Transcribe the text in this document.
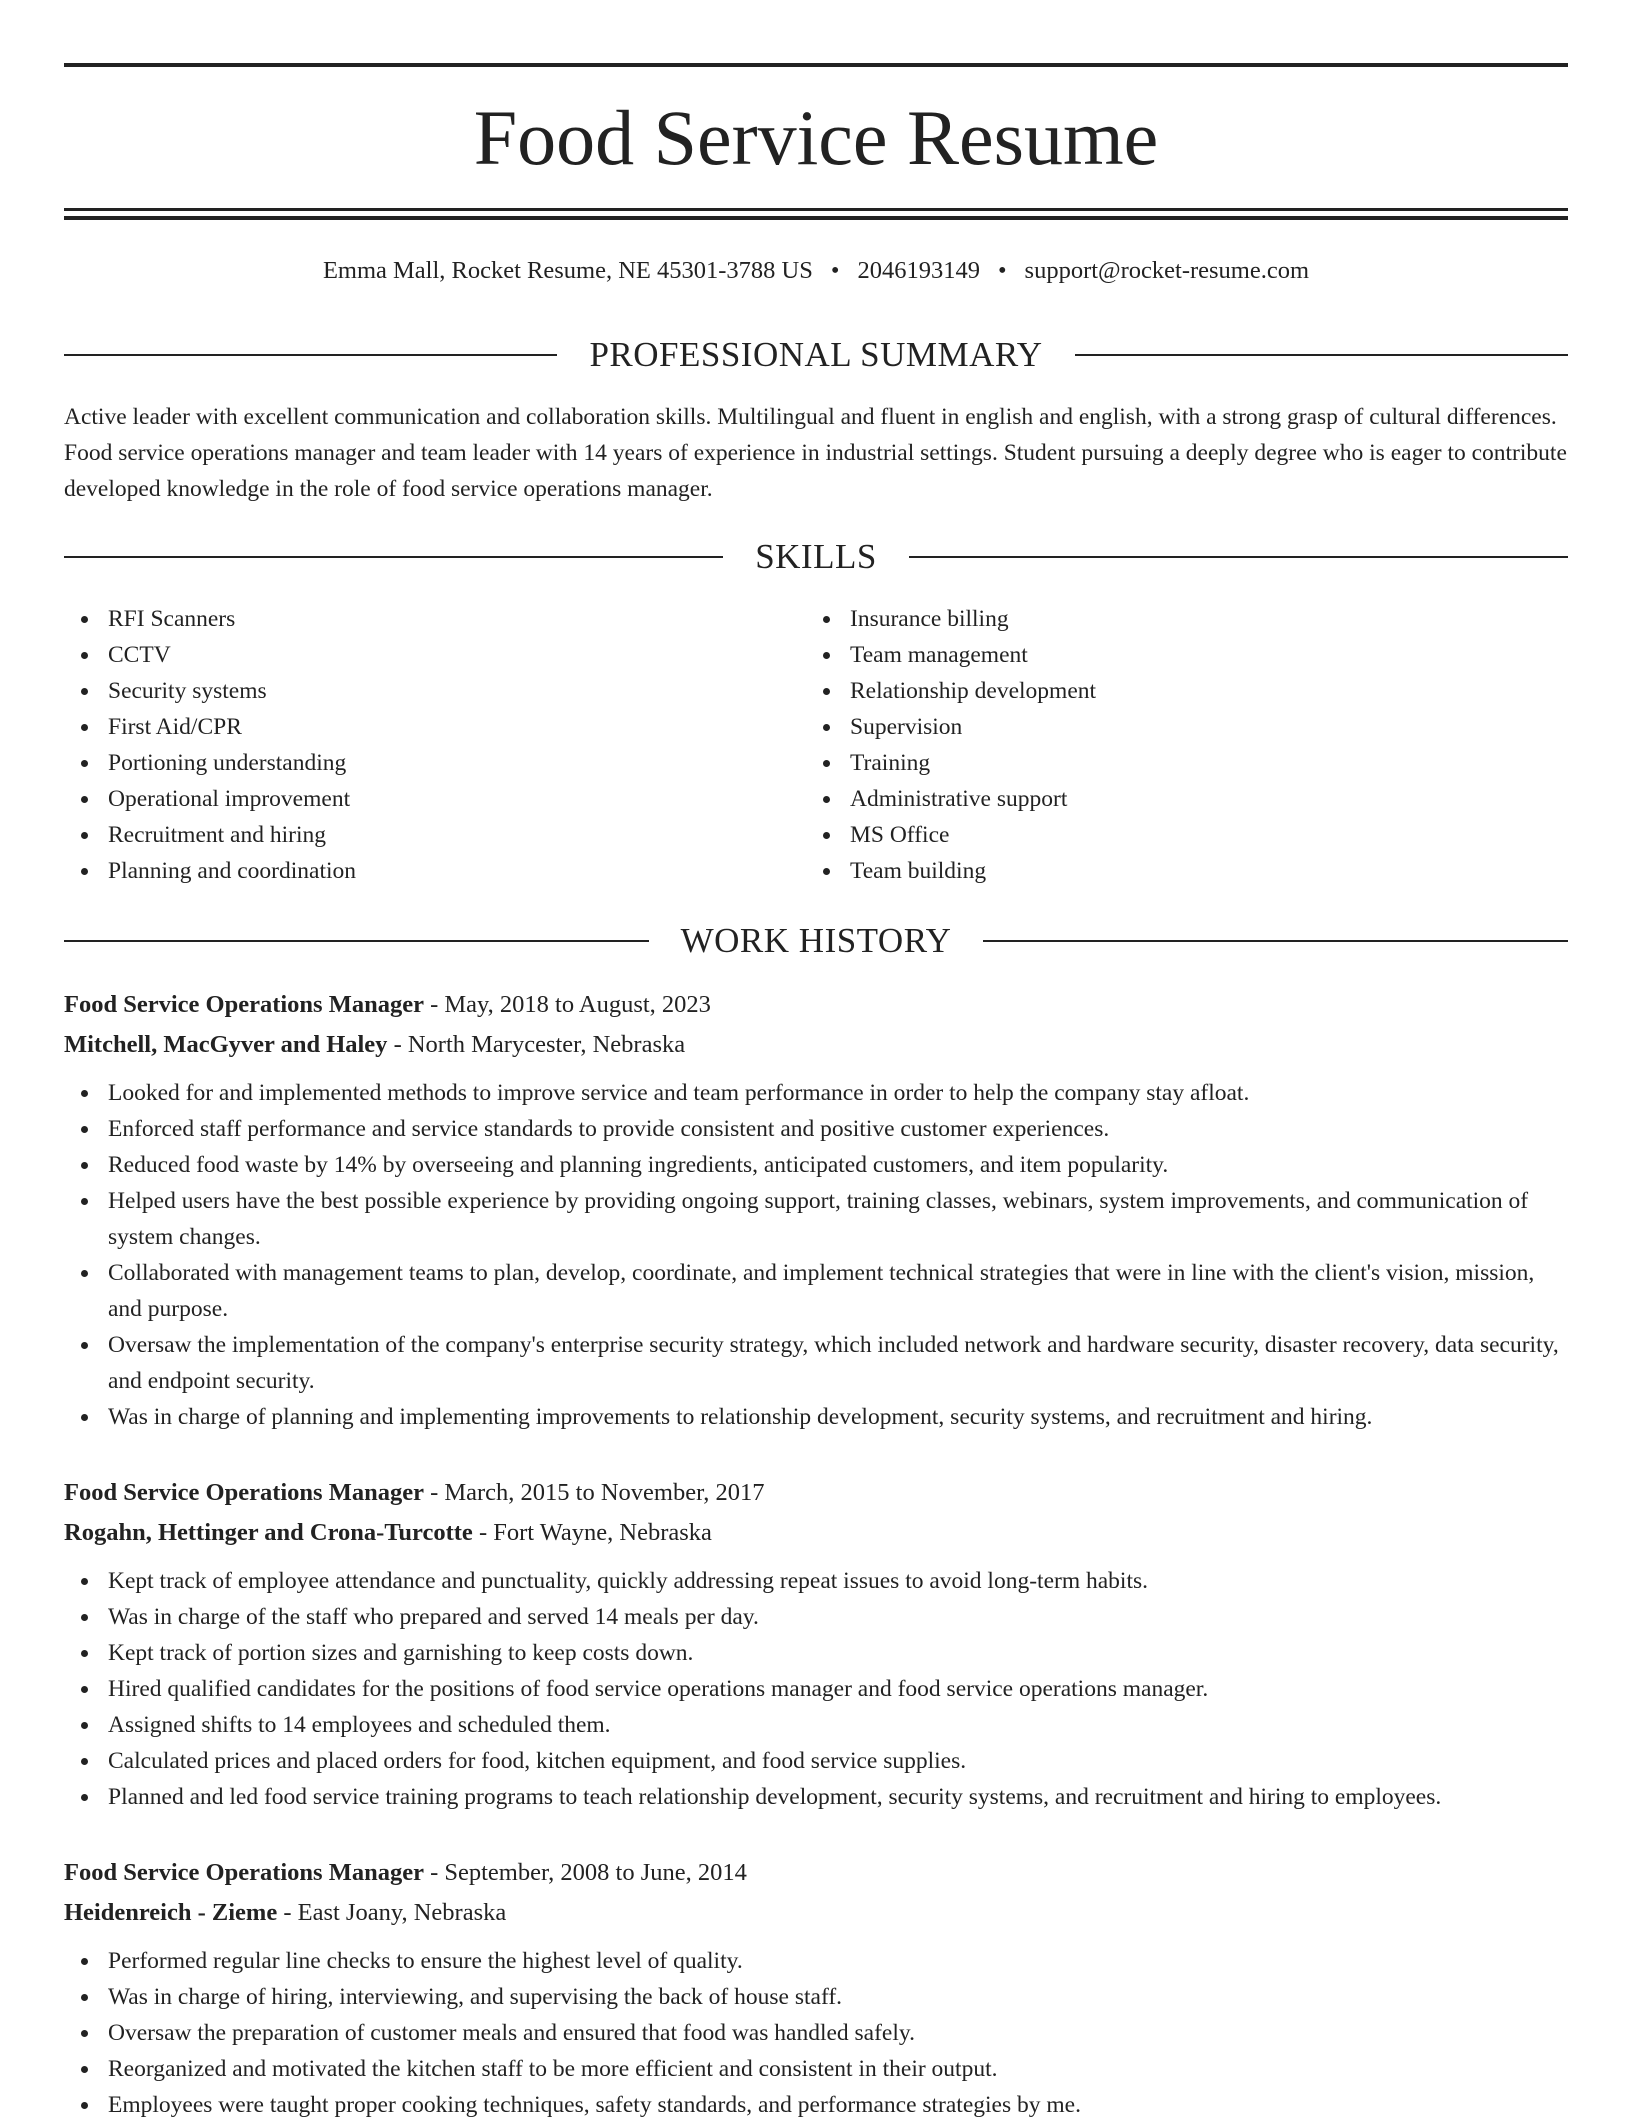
Food Service Resume
Emma Mall, Rocket Resume, NE 45301-3788 US • 2046193149 • support@rocket-resume.com
PROFESSIONAL SUMMARY

Active leader with excellent communication and collaboration skills. Multilingual and fluent in english and english, with a strong grasp of cultural differences. Food service operations manager and team leader with 14 years of experience in industrial settings. Student pursuing a deeply degree who is eager to contribute developed knowledge in the role of food service operations manager.

SKILLS
RFI Scanners
CCTV
Security systems
First Aid/CPR
Portioning understanding
Operational improvement
Recruitment and hiring
Planning and coordination
Insurance billing
Team management
Relationship development
Supervision
Training
Administrative support
MS Office
Team building
WORK HISTORY
Food Service Operations Manager - May, 2018 to August, 2023
Mitchell, MacGyver and Haley - North Marycester, Nebraska
Looked for and implemented methods to improve service and team performance in order to help the company stay afloat.
Enforced staff performance and service standards to provide consistent and positive customer experiences.
Reduced food waste by 14% by overseeing and planning ingredients, anticipated customers, and item popularity.
Helped users have the best possible experience by providing ongoing support, training classes, webinars, system improvements, and communication of system changes.
Collaborated with management teams to plan, develop, coordinate, and implement technical strategies that were in line with the client's vision, mission, and purpose.
Oversaw the implementation of the company's enterprise security strategy, which included network and hardware security, disaster recovery, data security, and endpoint security.
Was in charge of planning and implementing improvements to relationship development, security systems, and recruitment and hiring.
Food Service Operations Manager - March, 2015 to November, 2017
Rogahn, Hettinger and Crona-Turcotte - Fort Wayne, Nebraska
Kept track of employee attendance and punctuality, quickly addressing repeat issues to avoid long-term habits.
Was in charge of the staff who prepared and served 14 meals per day.
Kept track of portion sizes and garnishing to keep costs down.
Hired qualified candidates for the positions of food service operations manager and food service operations manager.
Assigned shifts to 14 employees and scheduled them.
Calculated prices and placed orders for food, kitchen equipment, and food service supplies.
Planned and led food service training programs to teach relationship development, security systems, and recruitment and hiring to employees.
Food Service Operations Manager - September, 2008 to June, 2014
Heidenreich - Zieme - East Joany, Nebraska
Performed regular line checks to ensure the highest level of quality.
Was in charge of hiring, interviewing, and supervising the back of house staff.
Oversaw the preparation of customer meals and ensured that food was handled safely.
Reorganized and motivated the kitchen staff to be more efficient and consistent in their output.
Employees were taught proper cooking techniques, safety standards, and performance strategies by me.
